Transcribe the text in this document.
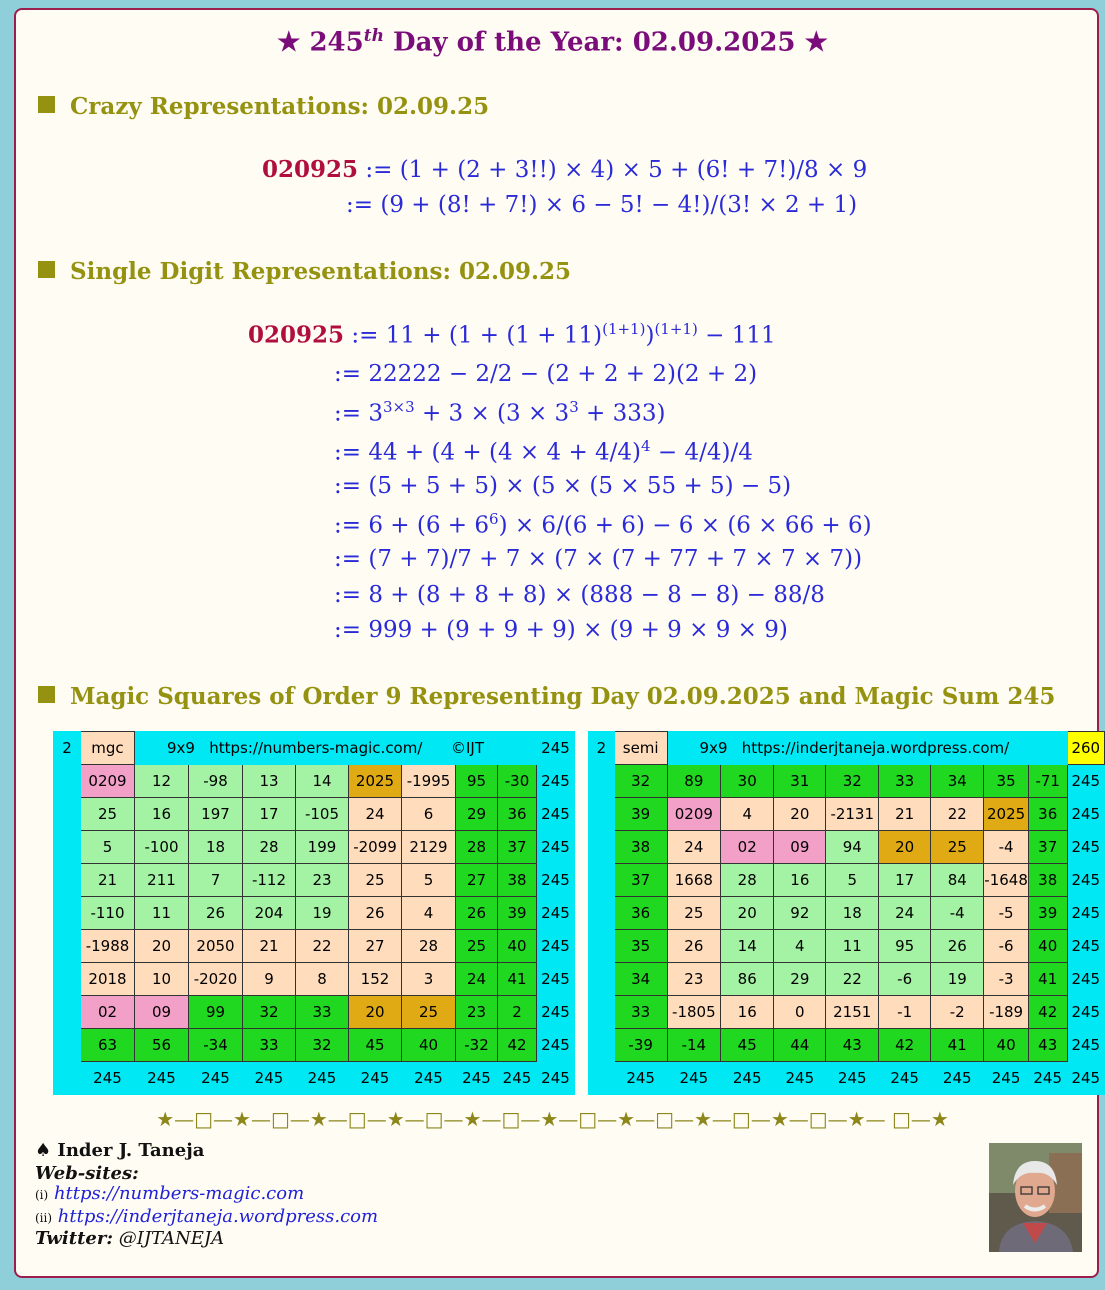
★ 245th Day of the Year: 02.09.2025 ★
Crazy Representations: 02.09.25
020925 := (1 + (2 + 3!!) × 4) × 5 + (6! + 7!)/8 × 9
:= (9 + (8! + 7!) × 6 − 5! − 4!)/(3! × 2 + 1)
Single Digit Representations: 02.09.25
020925 := $11 + (1 + (1 + 11)^{(1+1)})^{(1+1)} - 111$
:= 22222 − 2/2 − (2 + 2 + 2)(2 + 2)
:= $3^{3\times 3} + 3 \times (3 \times 3^3 + 333)$
:= $44 + (4 + (4 \times 4 + 4/4)^4 - 4/4)/4$
:= (5 + 5 + 5) × (5 × (5 × 55 + 5) − 5)
:= $6 + (6 + 6^6) \times 6/(6 + 6) - 6 \times (6 \times 66 + 6)$
:= (7 + 7)/7 + 7 × (7 × (7 + 77 + 7 × 7 × 7))
:= 8 + (8 + 8 + 8) × (888 − 8 − 8) − 88/8
:= 999 + (9 + 9 + 9) × (9 + 9 × 9 × 9)
Magic Squares of Order 9 Representing Day 02.09.2025 and Magic Sum 245
2	mgc	9x9   https://numbers-magic.com/      ©IJT								245
	0209	12	-98	13	14	2025	-1995	95	-30	245
	25	16	197	17	-105	24	6	29	36	245
	5	-100	18	28	199	-2099	2129	28	37	245
	21	211	7	-112	23	25	5	27	38	245
	-110	11	26	204	19	26	4	26	39	245
	-1988	20	2050	21	22	27	28	25	40	245
	2018	10	-2020	9	8	152	3	24	41	245
	02	09	99	32	33	20	25	23	2	245
	63	56	-34	33	32	45	40	-32	42	245
	245	245	245	245	245	245	245	245	245	245
2	semi	9x9   https://inderjtaneja.wordpress.com/								260
	32	89	30	31	32	33	34	35	-71	245
	39	0209	4	20	-2131	21	22	2025	36	245
	38	24	02	09	94	20	25	-4	37	245
	37	1668	28	16	5	17	84	-1648	38	245
	36	25	20	92	18	24	-4	-5	39	245
	35	26	14	4	11	95	26	-6	40	245
	34	23	86	29	22	-6	19	-3	41	245
	33	-1805	16	0	2151	-1	-2	-189	42	245
	-39	-14	45	44	43	42	41	40	43	245
	245	245	245	245	245	245	245	245	245	245
★—□—★—□—★—□—★—□—★—□—★—□—★—□—★—□—★—□—★— □—★
♠ Inder J. Taneja
Web-sites:
(i) https://numbers-magic.com
(ii) https://inderjtaneja.wordpress.com
Twitter: @IJTANEJA
